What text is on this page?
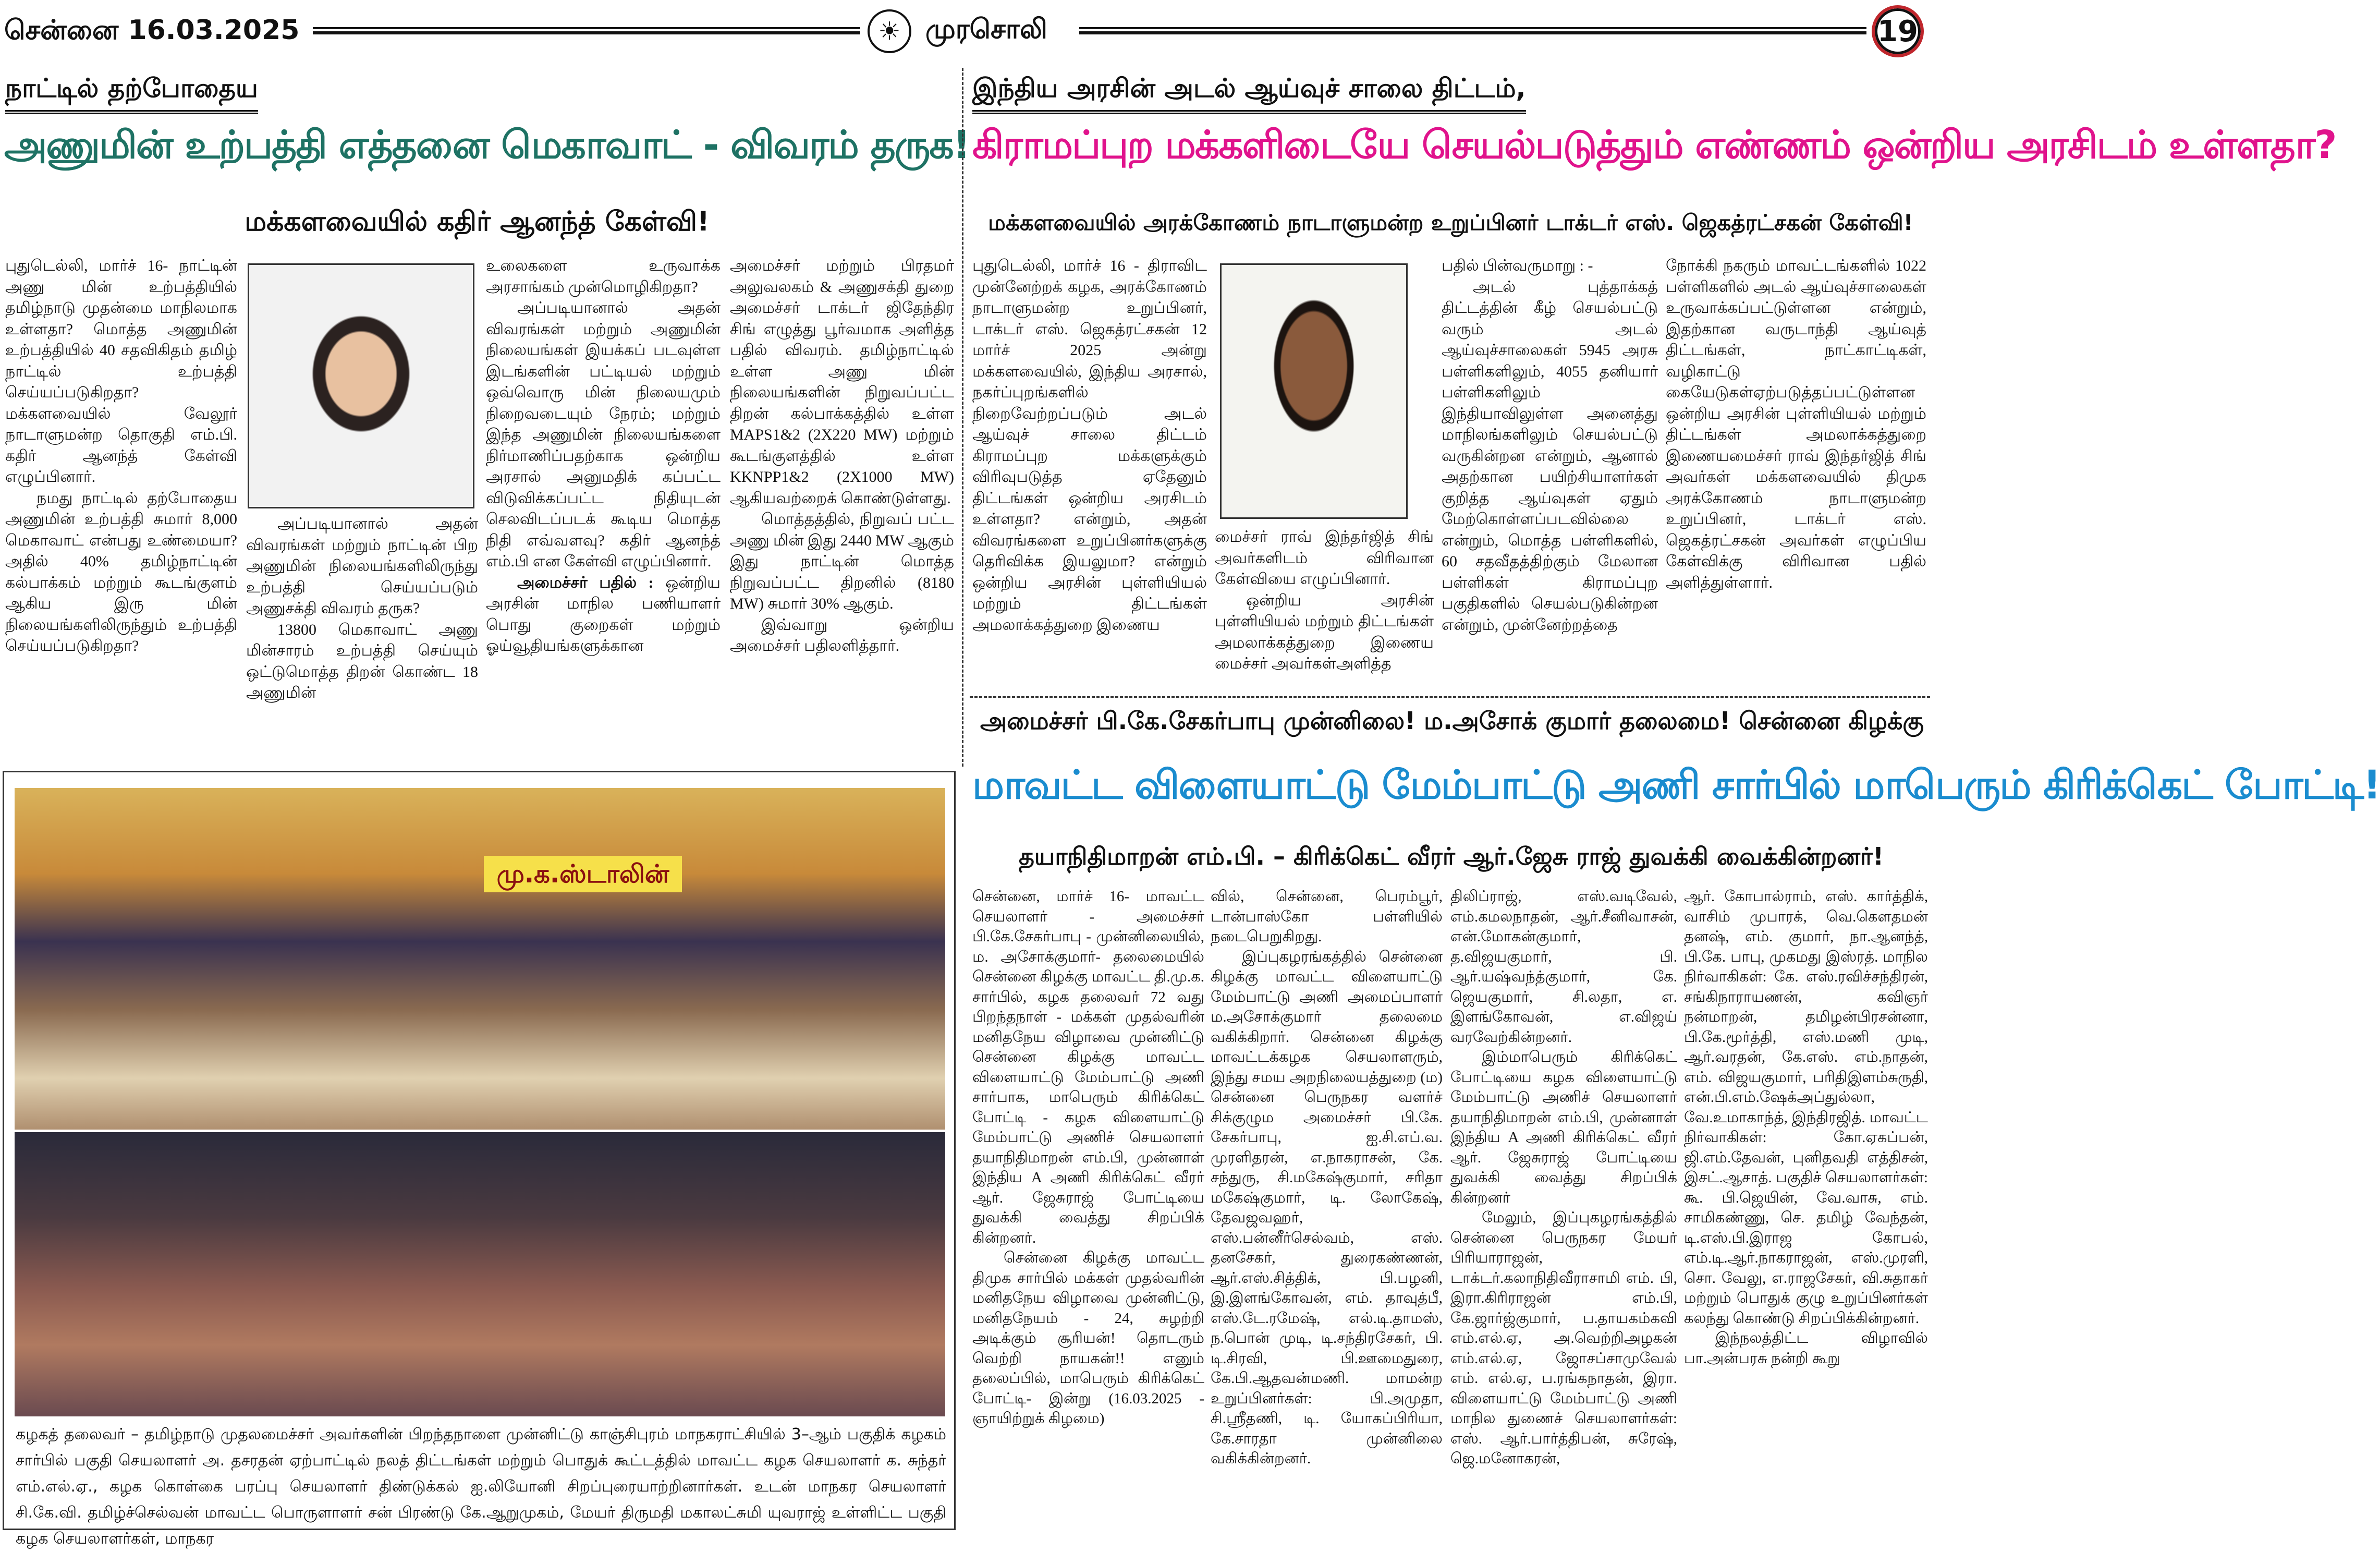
சென்னை 16.03.2025	☀ முரசொலி	19
நாட்டில் தற்போதைய
அணுமின் உற்பத்தி எத்தனை மெகாவாட் - விவரம் தருக!
மக்களவையில் கதிர் ஆனந்த் கேள்வி!

புதுடெல்லி, மார்ச் 16- நாட்டின் அணு மின் உற்பத்தியில் தமிழ்நாடு முதன்மை மாநிலமாக உள்ளதா? மொத்த அணுமின் உற்பத்தியில் 40 சதவிகிதம் தமிழ் நாட்டில் உற்பத்தி செய்யப்படுகிறதா? மக்களவையில் வேலூர் நாடாளுமன்ற தொகுதி எம்.பி. கதிர் ஆனந்த் கேள்வி எழுப்பினார்.

நமது நாட்டில் தற்போதைய அணுமின் உற்பத்தி சுமார் 8,000 மெகாவாட் என்பது உண்மையா? அதில் 40% தமிழ்நாட்டின் கல்பாக்கம் மற்றும் கூடங்குளம் ஆகிய இரு மின் நிலையங்களிலிருந்தும் உற்பத்தி செய்யப்படுகிறதா?

அப்படியானால் அதன் விவரங்கள் மற்றும் நாட்டின் பிற அணுமின் நிலையங்களிலிருந்து உற்பத்தி செய்யப்படும் அணுசக்தி விவரம் தருக?

13800 மெகாவாட் அணு மின்சாரம் உற்பத்தி செய்யும் ஒட்டுமொத்த திறன் கொண்ட 18 அணுமின்

உலைகளை உருவாக்க அரசாங்கம் முன்மொழிகிறதா?

அப்படியானால் அதன் விவரங்கள் மற்றும் அணுமின் நிலையங்கள் இயக்கப் படவுள்ள இடங்களின் பட்டியல் மற்றும் ஒவ்வொரு மின் நிலையமும் நிறைவடையும் நேரம்; மற்றும் இந்த அணுமின் நிலையங்களை நிர்மாணிப்பதற்காக ஒன்றிய அரசால் அனுமதிக் கப்பட்ட விடுவிக்கப்பட்ட நிதியுடன் செலவிடப்படக் கூடிய மொத்த நிதி எவ்வளவு? கதிர் ஆனந்த் எம்.பி என கேள்வி எழுப்பினார்.

அமைச்சர் பதில் : ஒன்றிய அரசின் மாநில பணியாளர் பொது குறைகள் மற்றும் ஓய்வூதியங்களுக்கான

அமைச்சர் மற்றும் பிரதமர் அலுவலகம் & அணுசக்தி துறை அமைச்சர் டாக்டர் ஜிதேந்திர சிங் எழுத்து பூர்வமாக அளித்த பதில் விவரம். தமிழ்நாட்டில் உள்ள அணு மின் நிலையங்களின் நிறுவப்பட்ட திறன் கல்பாக்கத்தில் உள்ள MAPS1&2 (2X220 MW) மற்றும் கூடங்குளத்தில் உள்ள KKNPP1&2 (2X1000 MW) ஆகியவற்றைக் கொண்டுள்ளது.

மொத்தத்தில், நிறுவப் பட்ட அணு மின் இது 2440 MW ஆகும் இது நாட்டின் மொத்த நிறுவப்பட்ட திறனில் (8180 MW) சுமார் 30% ஆகும்.

இவ்வாறு ஒன்றிய அமைச்சர் பதிலளித்தார்.

இந்திய அரசின் அடல் ஆய்வுச் சாலை திட்டம்,
கிராமப்புற மக்களிடையே செயல்படுத்தும் எண்ணம் ஒன்றிய அரசிடம் உள்ளதா?
மக்களவையில் அரக்கோணம் நாடாளுமன்ற உறுப்பினர் டாக்டர் எஸ். ஜெகத்ரட்சகன் கேள்வி!

புதுடெல்லி, மார்ச் 16 - திராவிட முன்னேற்றக் கழக, அரக்கோணம் நாடாளுமன்ற உறுப்பினர், டாக்டர் எஸ். ஜெகத்ரட்சகன் 12 மார்ச் 2025 அன்று மக்களவையில், இந்திய அரசால், நகர்ப்புறங்களில் நிறைவேற்றப்படும் அடல் ஆய்வுச் சாலை திட்டம் கிராமப்புற மக்களுக்கும் விரிவுபடுத்த ஏதேனும் திட்டங்கள் ஒன்றிய அரசிடம் உள்ளதா? என்றும், அதன் விவரங்களை உறுப்பினர்களுக்கு தெரிவிக்க இயலுமா? என்றும் ஒன்றிய அரசின் புள்ளியியல் மற்றும் திட்டங்கள் அமலாக்கத்துறை இணைய

மைச்சர் ராவ் இந்தர்ஜித் சிங் அவர்களிடம் விரிவான கேள்வியை எழுப்பினார்.

ஒன்றிய அரசின் புள்ளியியல் மற்றும் திட்டங்கள் அமலாக்கத்துறை இணைய மைச்சர் அவர்கள்அளித்த

பதில் பின்வருமாறு : -

அடல் புத்தாக்கத் திட்டத்தின் கீழ் செயல்பட்டு வரும் அடல் ஆய்வுச்சாலைகள் 5945 அரசு பள்ளிகளிலும், 4055 தனியார் பள்ளிகளிலும் இந்தியாவிலுள்ள அனைத்து மாநிலங்களிலும் செயல்பட்டு வருகின்றன என்றும், ஆனால் அதற்கான பயிற்சியாளர்கள் குறித்த ஆய்வுகள் ஏதும் மேற்கொள்ளப்படவில்லை என்றும், மொத்த பள்ளிகளில், 60 சதவீதத்திற்கும் மேலான பள்ளிகள் கிராமப்புற பகுதிகளில் செயல்படுகின்றன என்றும், முன்னேற்றத்தை

நோக்கி நகரும் மாவட்டங்களில் 1022 பள்ளிகளில் அடல் ஆய்வுச்சாலைகள் உருவாக்கப்பட்டுள்ளன என்றும், இதற்கான வருடாந்தி ஆய்வுத் திட்டங்கள், நாட்காட்டிகள், வழிகாட்டு கையேடுகள்ஏற்படுத்தப்பட்டுள்ளன ஒன்றிய அரசின் புள்ளியியல் மற்றும் திட்டங்கள் அமலாக்கத்துறை இணையமைச்சர் ராவ் இந்தர்ஜித் சிங் அவர்கள் மக்களவையில் திமுக அரக்கோணம் நாடாளுமன்ற உறுப்பினர், டாக்டர் எஸ். ஜெகத்ரட்சகன் அவர்கள் எழுப்பிய கேள்விக்கு விரிவான பதில் அளித்துள்ளார்.

மு.க.ஸ்டாலின்
கழகத் தலைவர் – தமிழ்நாடு முதலமைச்சர் அவர்களின் பிறந்தநாளை முன்னிட்டு காஞ்சிபுரம் மாநகராட்சியில் 3–ஆம் பகுதிக் கழகம் சார்பில் பகுதி செயலாளர் அ. தசரதன் ஏற்பாட்டில் நலத் திட்டங்கள் மற்றும் பொதுக் கூட்டத்தில் மாவட்ட கழக செயலாளர் க. சுந்தர் எம்.எல்.ஏ., கழக கொள்கை பரப்பு செயலாளர் திண்டுக்கல் ஐ.லியோனி சிறப்புரையாற்றினார்கள். உடன் மாநகர செயலாளர் சி.கே.வி. தமிழ்ச்செல்வன் மாவட்ட பொருளாளர் சன் பிரண்டு கே.ஆறுமுகம், மேயர் திருமதி மகாலட்சுமி யுவராஜ் உள்ளிட்ட பகுதி கழக செயலாளர்கள், மாநகர
அமைச்சர் பி.கே.சேகர்பாபு முன்னிலை! ம.அசோக் குமார் தலைமை! சென்னை கிழக்கு
மாவட்ட விளையாட்டு மேம்பாட்டு அணி சார்பில் மாபெரும் கிரிக்கெட் போட்டி!
தயாநிதிமாறன் எம்.பி. – கிரிக்கெட் வீரர் ஆர்.ஜேசு ராஜ் துவக்கி வைக்கின்றனர்!

சென்னை, மார்ச் 16- மாவட்ட செயலாளர் - அமைச்சர் பி.கே.சேகர்பாபு - முன்னிலையில், ம. அசோக்குமார்- தலைமையில் சென்னை கிழக்கு மாவட்ட தி.மு.க. சார்பில், கழக தலைவர் 72 வது பிறந்தநாள் - மக்கள் முதல்வரின் மனிதநேய விழாவை முன்னிட்டு சென்னை கிழக்கு மாவட்ட விளையாட்டு மேம்பாட்டு அணி சார்பாக, மாபெரும் கிரிக்கெட் போட்டி - கழக விளையாட்டு மேம்பாட்டு அணிச் செயலாளர் தயாநிதிமாறன் எம்.பி, முன்னாள் இந்திய A அணி கிரிக்கெட் வீரர் ஆர். ஜேசுராஜ் போட்டியை துவக்கி வைத்து சிறப்பிக் கின்றனர்.

சென்னை கிழக்கு மாவட்ட திமுக சார்பில் மக்கள் முதல்வரின் மனிதநேய விழாவை முன்னிட்டு, மனிதநேயம் - 24, சுழற்றி அடிக்கும் சூரியன்! தொடரும் வெற்றி நாயகன்!! எனும் தலைப்பில், மாபெரும் கிரிக்கெட் போட்டி- இன்று (16.03.2025 - ஞாயிற்றுக் கிழமை)

வில், சென்னை, பெரம்பூர், டான்பாஸ்கோ பள்ளியில் நடைபெறுகிறது.

இப்புகழரங்கத்தில் சென்னை கிழக்கு மாவட்ட விளையாட்டு மேம்பாட்டு அணி அமைப்பாளர் ம.அசோக்குமார் தலைமை வகிக்கிறார். சென்னை கிழக்கு மாவட்டக்கழக செயலாளரும், இந்து சமய அறநிலையத்துறை (ம) சென்னை பெருநகர வளர்ச் சிக்குழும அமைச்சர் பி.கே. சேகர்பாபு, ஐ.சி.எப்.வ. முரளிதரன், எ.நாகராசன், கே. சந்துரு, சி.மகேஷ்குமார், சரிதா மகேஷ்குமார், டி. லோகேஷ், தேவஜவஹர், எஸ்.பன்னீர்செல்வம், எஸ். தனசேகர், துரைகண்ணன், ஆர்.எஸ்.சித்திக், பி.பழனி, இ.இளங்கோவன், எம். தாவுத்பீ, எஸ்.டே.ரமேஷ், எல்.டி.தாமஸ், ந.பொன் முடி, டி.சந்திரசேகர், பி. டி.சிரவி, பி.ஊமைதுரை, கே.பி.ஆதவன்மணி. மாமன்ற உறுப்பினர்கள்: பி.அமுதா, சி.ஸ்ரீதணி, டி. யோகப்பிரியா, கே.சாரதா முன்னிலை வகிக்கின்றனர்.

திலிப்ராஜ், எஸ்.வடிவேல், எம்.கமலநாதன், ஆர்.சீனிவாசன், என்.மோகன்குமார், த.விஜயகுமார், பி. ஆர்.யஷ்வந்த்குமார், கே. ஜெயகுமார், சி.லதா, எ. இளங்கோவன், எ.விஜய் வரவேற்கின்றனர்.

இம்மாபெரும் கிரிக்கெட் போட்டியை கழக விளையாட்டு மேம்பாட்டு அணிச் செயலாளர் தயாநிதிமாறன் எம்.பி, முன்னாள் இந்திய A அணி கிரிக்கெட் வீரர் ஆர். ஜேசுராஜ் போட்டியை துவக்கி வைத்து சிறப்பிக் கின்றனர்

மேலும், இப்புகழரங்கத்தில் சென்னை பெருநகர மேயர் பிரியாராஜன், டாக்டர்.கலாநிதிவீராசாமி எம். பி, இரா.கிரிராஜன் எம்.பி, கே.ஜார்ஜ்குமார், ப.தாயகம்கவி எம்.எல்.ஏ, அ.வெற்றிஅழகன் எம்.எல்.ஏ, ஜோசப்சாமுவேல் எம். எல்.ஏ, ப.ரங்கநாதன், இரா. விளையாட்டு மேம்பாட்டு அணி மாநில துணைச் செயலாளர்கள்: எஸ். ஆர்.பார்த்திபன், சுரேஷ், ஜெ.மனோகரன்,

ஆர். கோபால்ராம், எஸ். கார்த்திக், வாசிம் முபாரக், வெ.கௌதமன் தனஷ், எம். குமார், நா.ஆனந்த், பி.கே. பாபு, முகமது இஸ்ரத். மாநில நிர்வாகிகள்: கே. எஸ்.ரவிச்சந்திரன், சங்கிநாராயணன், கவிஞர் நன்மாறன், தமிழன்பிரசன்னா, பி.கே.மூர்த்தி, எஸ்.மணி முடி, ஆர்.வரதன், கே.எஸ். எம்.நாதன், எம். விஜயகுமார், பரிதிஇளம்சுருதி, என்.பி.எம்.ஷேக்அப்துல்லா, வே.உமாகாந்த், இந்திரஜித். மாவட்ட நிர்வாகிகள்: கோ.ஏகப்பன், ஜி.எம்.தேவன், புனிதவதி எத்திசன், இசட்.ஆசாத். பகுதிச் செயலாளர்கள்: கூ. பி.ஜெயின், வே.வாசு, எம். சாமிகண்ணு, செ. தமிழ் வேந்தன், டி.எஸ்.பி.இராஜ கோபல், எம்.டி.ஆர்.நாகராஜன், எஸ்.முரளி, சொ. வேலு, எ.ராஜசேகர், வி.சுதாகர் மற்றும் பொதுக் குழு உறுப்பினர்கள் கலந்து கொண்டு சிறப்பிக்கின்றனர்.

இந்நலத்திட்ட விழாவில் பா.அன்பரசு நன்றி கூறு
